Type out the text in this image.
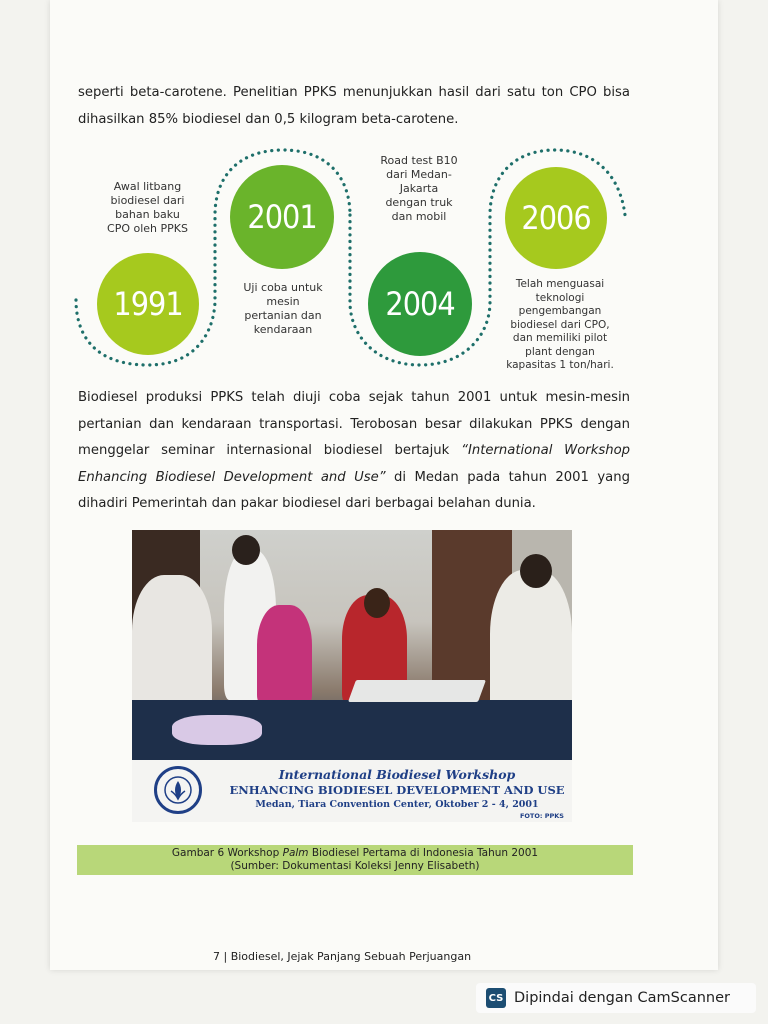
seperti beta-carotene. Penelitian PPKS menunjukkan hasil dari satu ton CPO bisa dihasilkan 85% biodiesel dan 0,5 kilogram beta-carotene.
1991
2001
2004
2006
Awal litbang
biodiesel dari
bahan baku
CPO oleh PPKS
Uji coba untuk
mesin
pertanian dan
kendaraan
Road test B10
dari Medan-
Jakarta
dengan truk
dan mobil
Telah menguasai
teknologi
pengembangan
biodiesel dari CPO,
dan memiliki pilot
plant dengan
kapasitas 1 ton/hari.
Biodiesel produksi PPKS telah diuji coba sejak tahun 2001 untuk mesin-mesin pertanian dan kendaraan transportasi. Terobosan besar dilakukan PPKS dengan menggelar seminar internasional biodiesel bertajuk “International Workshop Enhancing Biodiesel Development and Use” di Medan pada tahun 2001 yang dihadiri Pemerintah dan pakar biodiesel dari berbagai belahan dunia.
International Biodiesel Workshop
ENHANCING BIODIESEL DEVELOPMENT AND USE
Medan, Tiara Convention Center, Oktober 2 - 4, 2001
FOTO: PPKS
Gambar 6 Workshop Palm Biodiesel Pertama di Indonesia Tahun 2001
(Sumber: Dokumentasi Koleksi Jenny Elisabeth)
7 | Biodiesel, Jejak Panjang Sebuah Perjuangan
CS Dipindai dengan CamScanner
